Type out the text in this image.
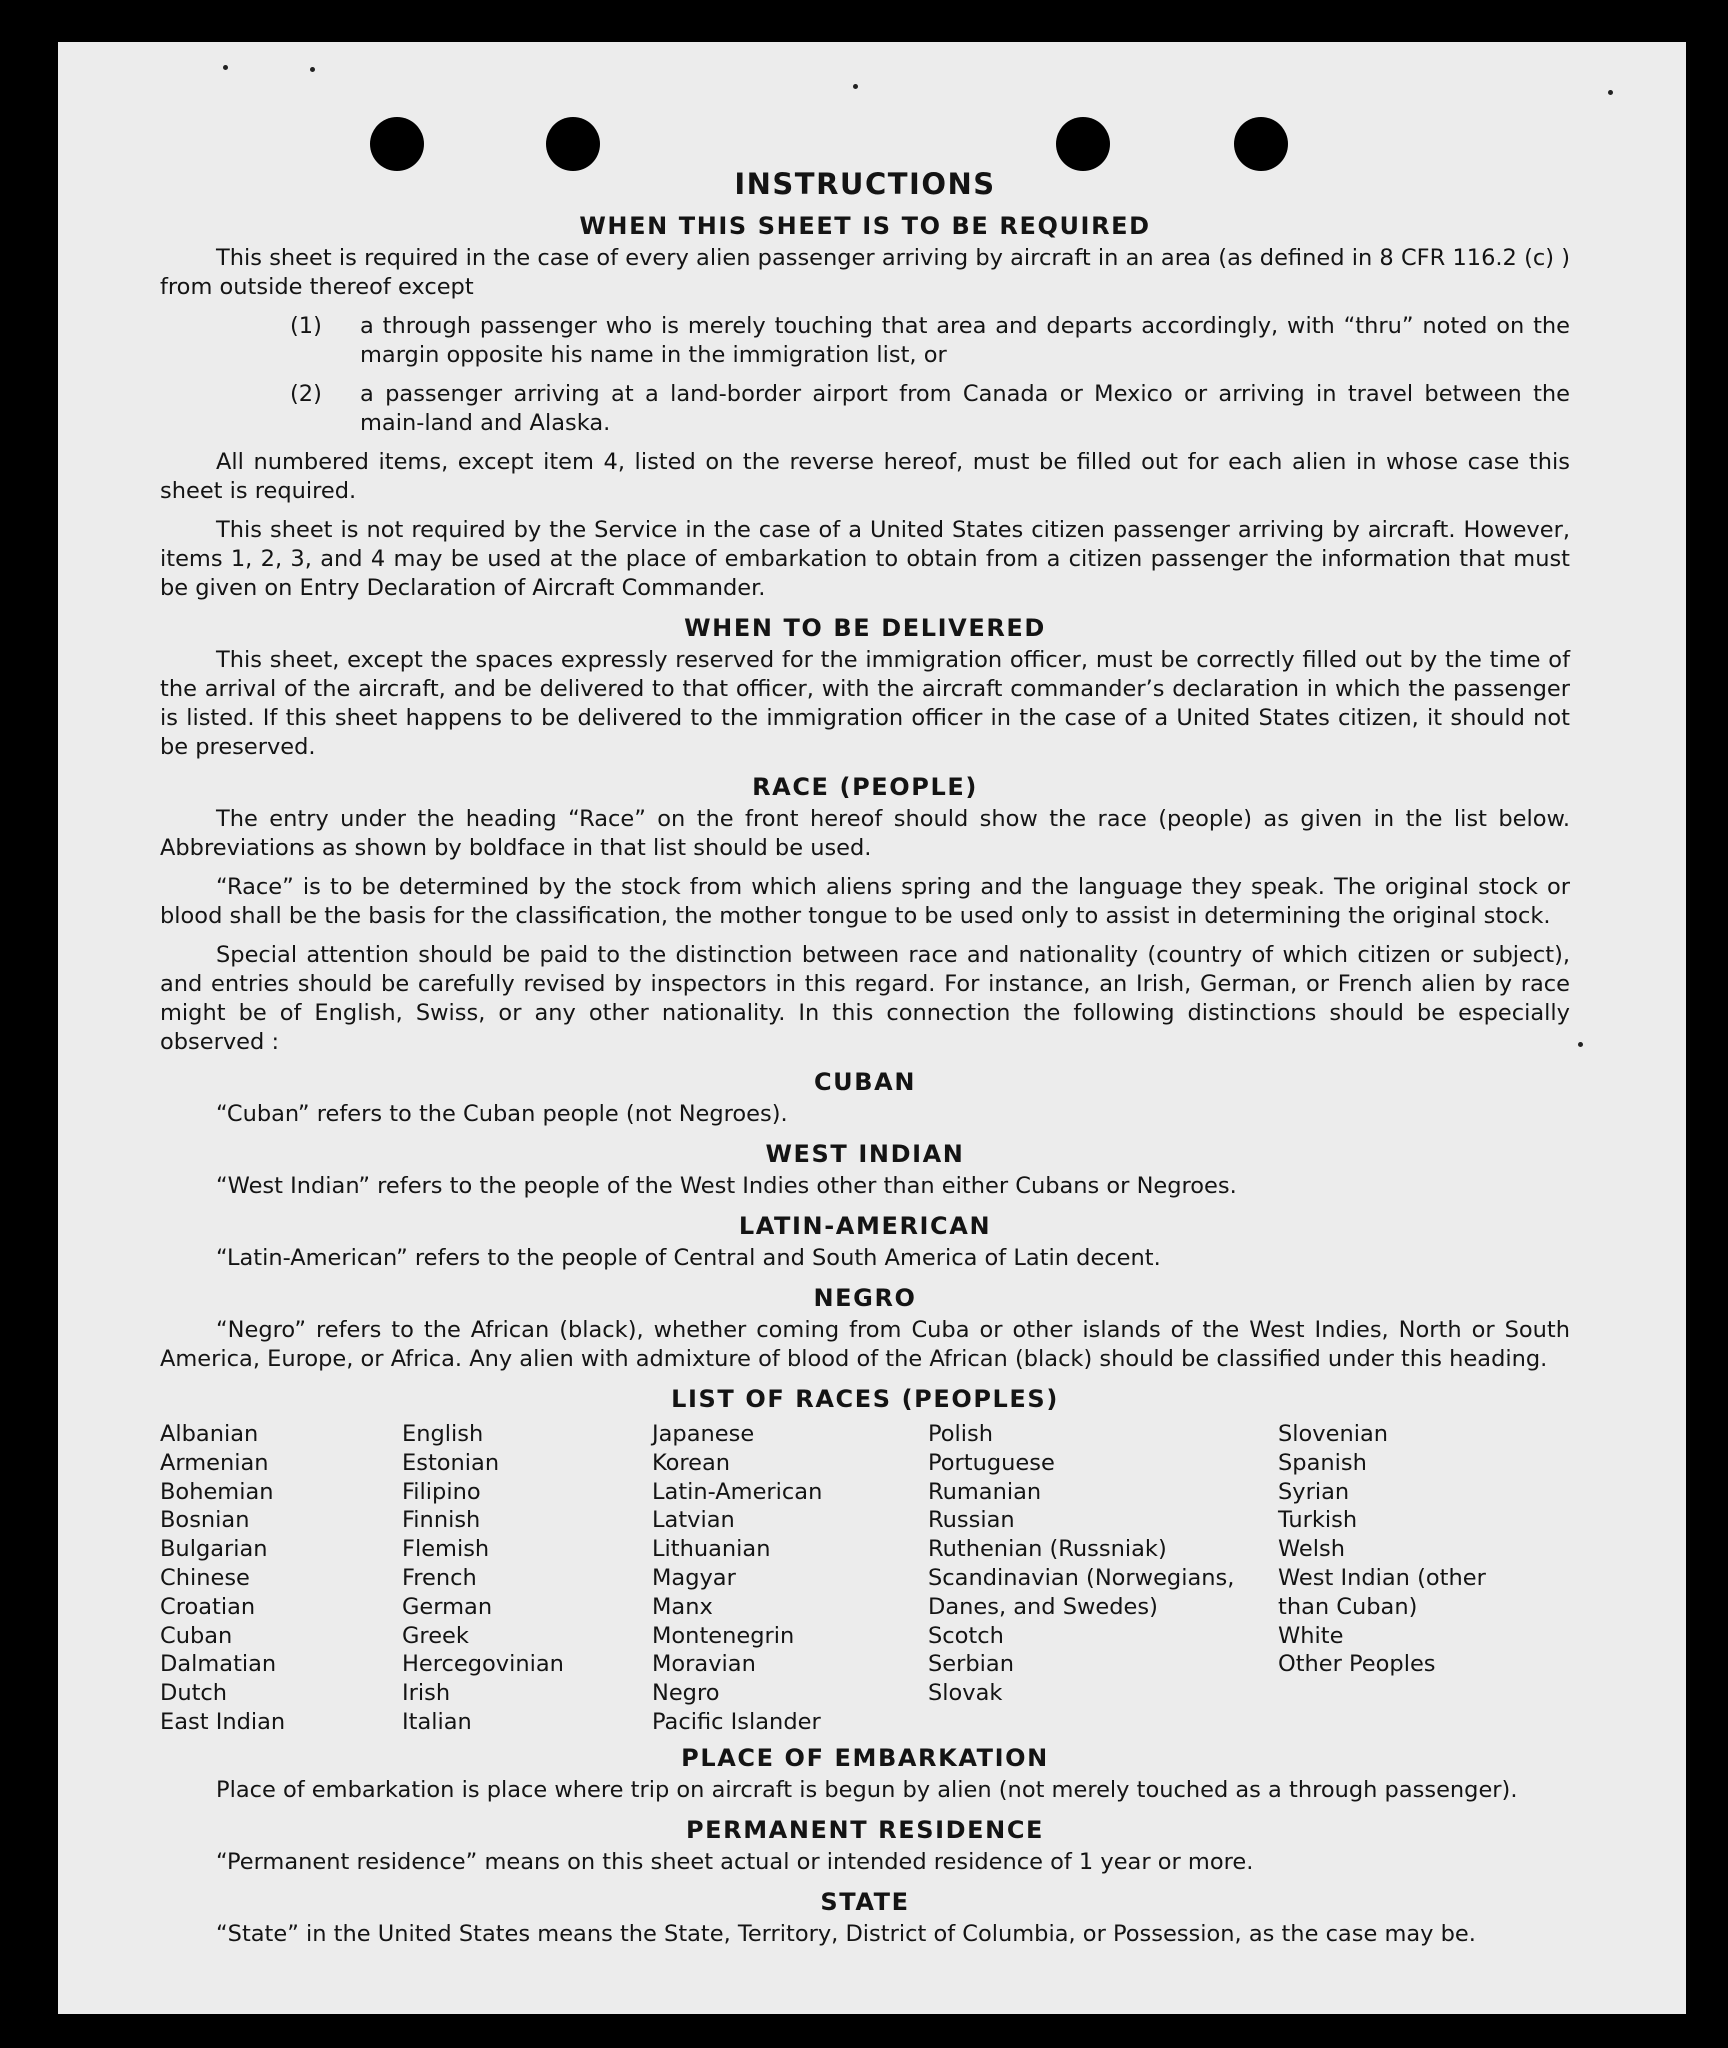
INSTRUCTIONS
WHEN THIS SHEET IS TO BE REQUIRED

This sheet is required in the case of every alien passenger arriving by aircraft in an area (as defined in 8 CFR 116.2 (c) ) from outside thereof except

(1)	a through passenger who is merely touching that area and departs accordingly, with “thru” noted on the margin opposite his name in the immigration list, or
(2)	a passenger arriving at a land-border airport from Canada or Mexico or arriving in travel between the main-land and Alaska.

All numbered items, except item 4, listed on the reverse hereof, must be filled out for each alien in whose case this sheet is required.

This sheet is not required by the Service in the case of a United States citizen passenger arriving by aircraft. However, items 1, 2, 3, and 4 may be used at the place of embarkation to obtain from a citizen passenger the information that must be given on Entry Declaration of Aircraft Commander.

WHEN TO BE DELIVERED

This sheet, except the spaces expressly reserved for the immigration officer, must be correctly filled out by the time of the arrival of the aircraft, and be delivered to that officer, with the aircraft commander’s declaration in which the passenger is listed. If this sheet happens to be delivered to the immigration officer in the case of a United States citizen, it should not be preserved.

RACE (PEOPLE)

The entry under the heading “Race” on the front hereof should show the race (people) as given in the list below. Abbreviations as shown by boldface in that list should be used.

“Race” is to be determined by the stock from which aliens spring and the language they speak. The original stock or blood shall be the basis for the classification, the mother tongue to be used only to assist in determining the original stock.

Special attention should be paid to the distinction between race and nationality (country of which citizen or subject), and entries should be carefully revised by inspectors in this regard. For instance, an Irish, German, or French alien by race might be of English, Swiss, or any other nationality. In this connection the following distinctions should be especially observed :

CUBAN

“Cuban” refers to the Cuban people (not Negroes).

WEST INDIAN

“West Indian” refers to the people of the West Indies other than either Cubans or Negroes.

LATIN-AMERICAN

“Latin-American” refers to the people of Central and South America of Latin decent.

NEGRO

“Negro” refers to the African (black), whether coming from Cuba or other islands of the West Indies, North or South America, Europe, or Africa. Any alien with admixture of blood of the African (black) should be classified under this heading.

LIST OF RACES (PEOPLES)
Albanian
Armenian
Bohemian
Bosnian
Bulgarian
Chinese
Croatian
Cuban
Dalmatian
Dutch
East Indian
English
Estonian
Filipino
Finnish
Flemish
French
German
Greek
Hercegovinian
Irish
Italian
Japanese
Korean
Latin-American
Latvian
Lithuanian
Magyar
Manx
Montenegrin
Moravian
Negro
Pacific Islander
Polish
Portuguese
Rumanian
Russian
Ruthenian (Russniak)
Scandinavian (Norwegians, Danes, and Swedes)
Scotch
Serbian
Slovak
Slovenian
Spanish
Syrian
Turkish
Welsh
West Indian (other than Cuban)
White
Other Peoples
PLACE OF EMBARKATION

Place of embarkation is place where trip on aircraft is begun by alien (not merely touched as a through passenger).

PERMANENT RESIDENCE

“Permanent residence” means on this sheet actual or intended residence of 1 year or more.

STATE

“State” in the United States means the State, Territory, District of Columbia, or Possession, as the case may be.
